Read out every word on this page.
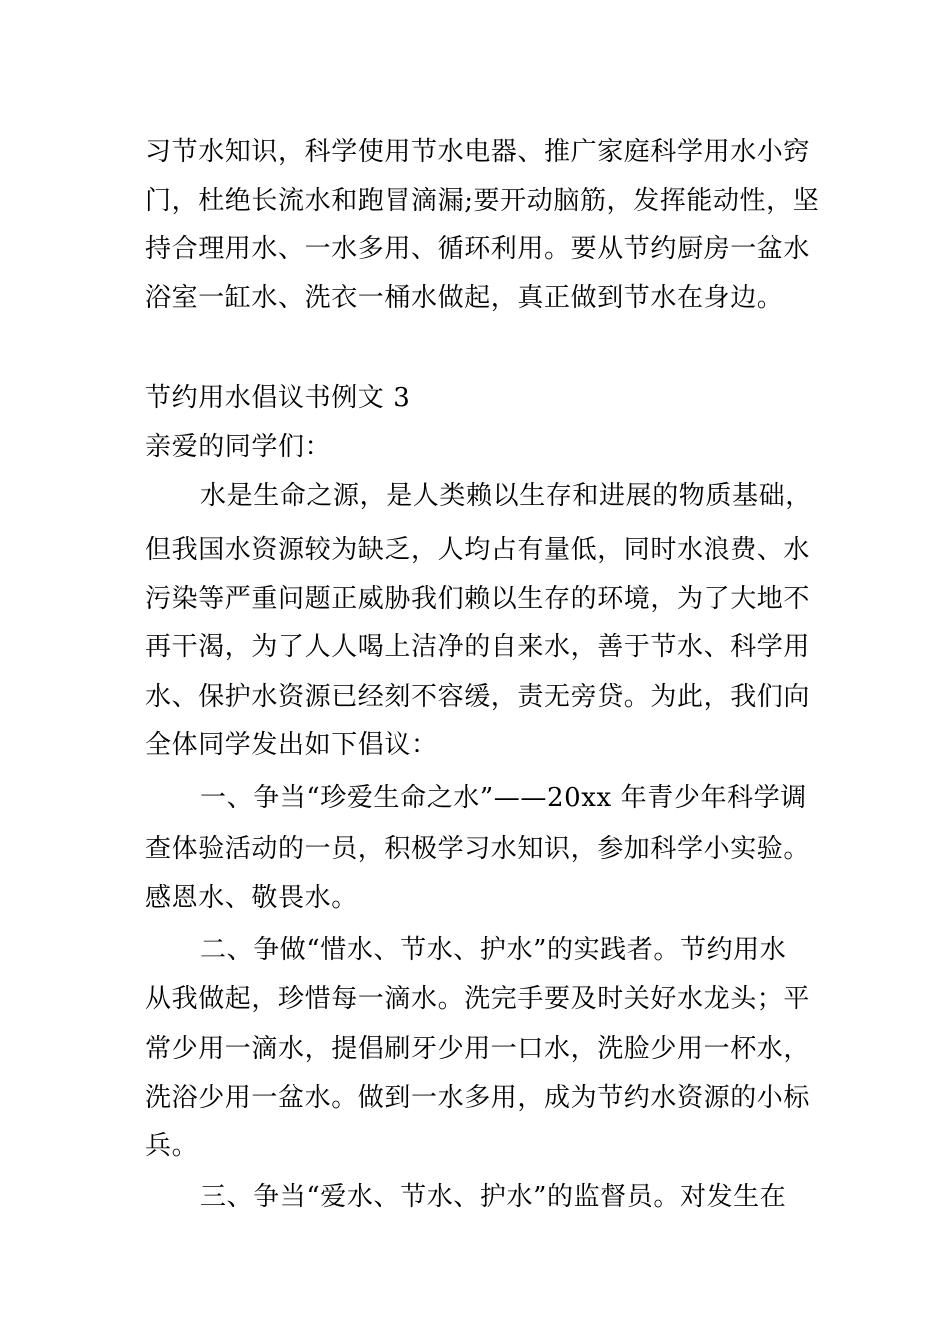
习节水知识，科学使用节水电器、推广家庭科学用水小窍
门，杜绝长流水和跑冒滴漏;要开动脑筋，发挥能动性，坚
持合理用水、一水多用、循环利用。要从节约厨房一盆水
浴室一缸水、洗衣一桶水做起，真正做到节水在身边。
节约用水倡议书例文 3
亲爱的同学们：
水是生命之源，是人类赖以生存和进展的物质基础，
但我国水资源较为缺乏，人均占有量低，同时水浪费、水
污染等严重问题正威胁我们赖以生存的环境，为了大地不
再干渴，为了人人喝上洁净的自来水，善于节水、科学用
水、保护水资源已经刻不容缓，责无旁贷。为此，我们向
全体同学发出如下倡议：
一、争当“珍爱生命之水”——20xx 年青少年科学调
查体验活动的一员，积极学习水知识，参加科学小实验。
感恩水、敬畏水。
二、争做“惜水、节水、护水”的实践者。节约用水
从我做起，珍惜每一滴水。洗完手要及时关好水龙头；平
常少用一滴水，提倡刷牙少用一口水，洗脸少用一杯水，
洗浴少用一盆水。做到一水多用，成为节约水资源的小标
兵。
三、争当“爱水、节水、护水”的监督员。对发生在
